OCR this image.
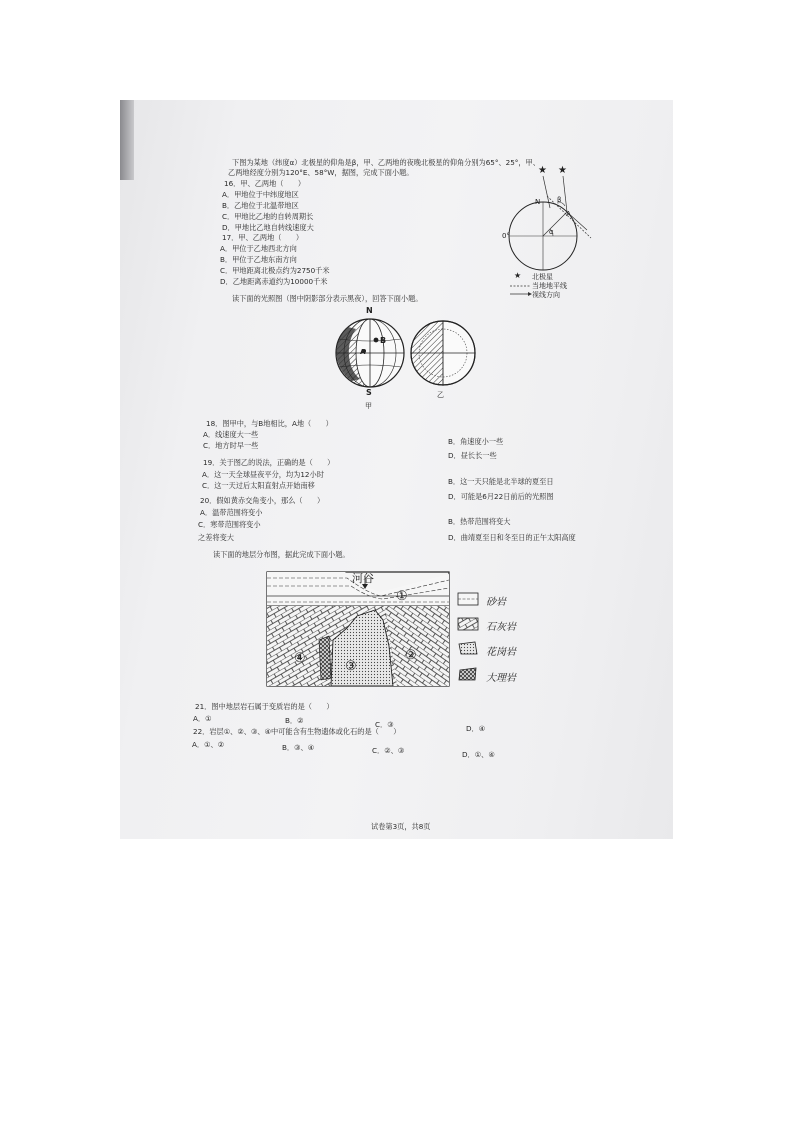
下图为某地（纬度α）北极星的仰角是β，甲、乙两地的夜晚北极星的仰角分别为65°、25°，甲、
乙两地经度分别为120°E、58°W，据图，完成下面小题。
16．甲、乙两地（　　）
A．甲地位于中纬度地区
B．乙地位于北温带地区
C．甲地比乙地的自转周期长
D．甲地比乙地自转线速度大
17．甲、乙两地（　　）
A．甲位于乙地西北方向
B．甲位于乙地东南方向
C．甲地距离北极点约为2750千米
D．乙地距离赤道约为10000千米
★ ★
N
A
β
α
0°
★ 北极星
当地地平线
视线方向
读下面的光照图（图中阴影部分表示黑夜），回答下面小题。
N
S
B
A
甲
乙
18．图甲中，与B地相比，A地（　　）
A．线速度大一些
B．角速度小一些
C．地方时早一些
D．昼长长一些
19．关于图乙的说法，正确的是（　　）
A．这一天全球昼夜平分，均为12小时
B．这一天只能是北半球的夏至日
C．这一天过后太阳直射点开始南移
D．可能是6月22日前后的光照图
20．假如黄赤交角变小，那么（　　）
A．温带范围将变小
B．热带范围将变大
C．寒带范围将变小
D．曲靖夏至日和冬至日的正午太阳高度
之差将变大
读下面的地层分布图，据此完成下面小题。
河谷
①
②
③
④
砂岩
石灰岩
花岗岩
大理岩
21．图中地层岩石属于变质岩的是（　　）
A．①	B．②	C．③	D．④
22．岩层①、②、③、④中可能含有生物遗体或化石的是（　　）
A．①、②	B．③、④	C．②、③	D．①、④
试卷第3页，共8页
